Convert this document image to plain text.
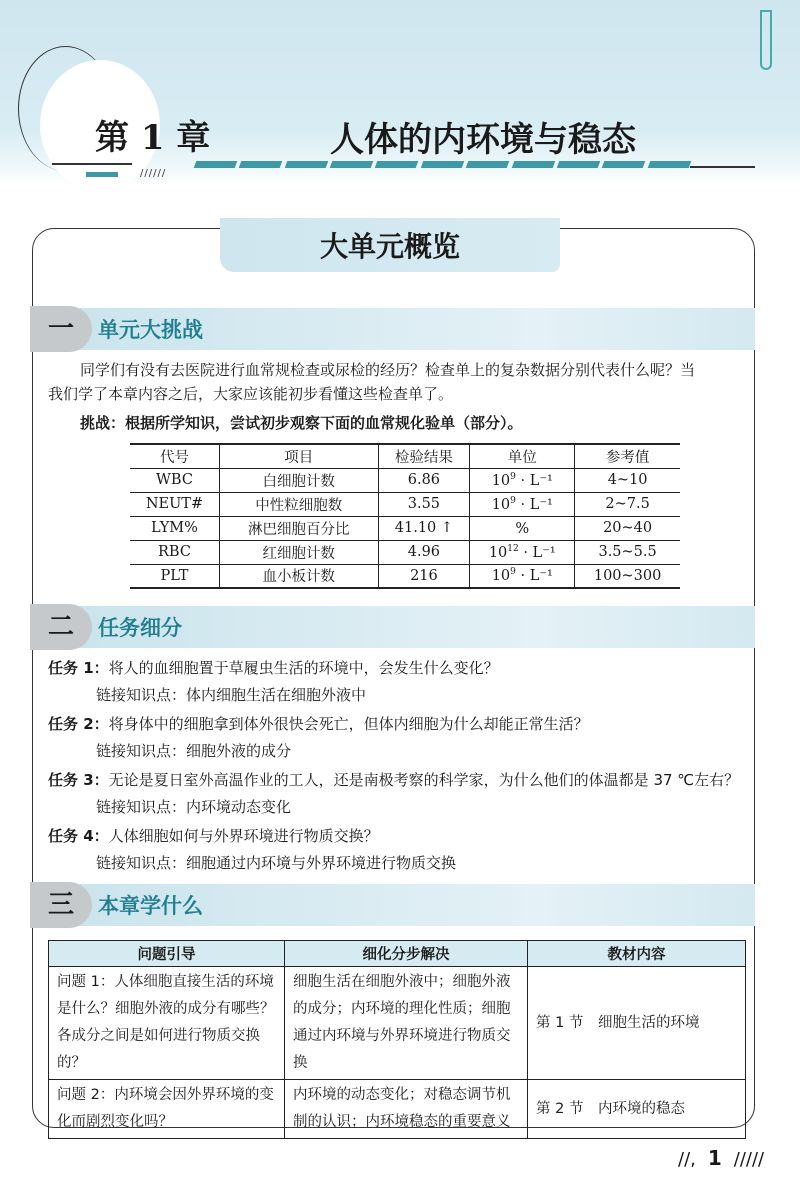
第 1 章	人体的内环境与稳态
//////
大单元概览
一	单元大挑战
同学们有没有去医院进行血常规检查或尿检的经历？检查单上的复杂数据分别代表什么呢？当
我们学了本章内容之后，大家应该能初步看懂这些检查单了。
挑战：根据所学知识，尝试初步观察下面的血常规化验单（部分）。
代号	项目	检验结果	单位	参考值
WBC	白细胞计数	6.86	$10^9 \cdot L^{-1}$	4~10
NEUT#	中性粒细胞数	3.55	$10^9 \cdot L^{-1}$	2~7.5
LYM%	淋巴细胞百分比	41.10 ↑	%	20~40
RBC	红细胞计数	4.96	$10^{12} \cdot L^{-1}$	3.5~5.5
PLT	血小板计数	216	$10^9 \cdot L^{-1}$	100~300
二	任务细分
任务 1：将人的血细胞置于草履虫生活的环境中，会发生什么变化？
链接知识点：体内细胞生活在细胞外液中
任务 2：将身体中的细胞拿到体外很快会死亡，但体内细胞为什么却能正常生活？
链接知识点：细胞外液的成分
任务 3：无论是夏日室外高温作业的工人，还是南极考察的科学家，为什么他们的体温都是 37 ℃左右？
链接知识点：内环境动态变化
任务 4：人体细胞如何与外界环境进行物质交换？
链接知识点：细胞通过内环境与外界环境进行物质交换
三	本章学什么
问题引导	细化分步解决	教材内容
问题 1：人体细胞直接生活的环境是什么？细胞外液的成分有哪些？各成分之间是如何进行物质交换的？	细胞生活在细胞外液中；细胞外液的成分；内环境的理化性质；细胞通过内环境与外界环境进行物质交换	第 1 节　细胞生活的环境
问题 2：内环境会因外界环境的变化而剧烈变化吗？	内环境的动态变化；对稳态调节机制的认识；内环境稳态的重要意义	第 2 节　内环境的稳态
//, 1 /////
